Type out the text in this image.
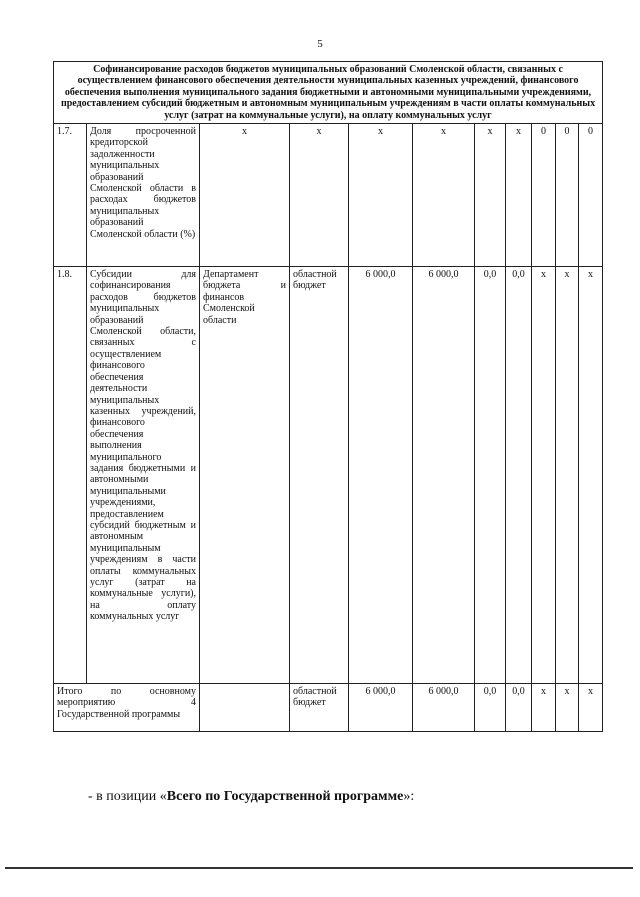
5
Софинансирование расходов бюджетов муниципальных образований Смоленской области, связанных с осуществлением финансового обеспечения деятельности муниципальных казенных учреждений, финансового обеспечения выполнения муниципального задания бюджетными и автономными муниципальными учреждениями, предоставлением субсидий бюджетным и автономным муниципальным учреждениям в части оплаты коммунальных услуг (затрат на коммунальные услуги), на оплату коммунальных услуг										
1.7.	Доля просроченной кредиторской задолженности муниципальных образований Смоленской области в расходах бюджетов муниципальных образований Смоленской области (%)	х	х	х	х	х	х	0	0	0
1.8.	Субсидии для софинансирования расходов бюджетов муниципальных образований Смоленской области, связанных с осуществлением финансового обеспечения деятельности муниципальных казенных учреждений, финансового обеспечения выполнения муниципального задания бюджетными и автономными муниципальными учреждениями, предоставлением субсидий бюджетным и автономным муниципальным учреждениям в части оплаты коммунальных услуг (затрат на коммунальные услуги), на оплату коммунальных услуг	Департамент бюджета и финансов Смоленской области	областной бюджет	6 000,0	6 000,0	0,0	0,0	х	х	х
Итого по основному мероприятию 4 Государственной программы			областной бюджет	6 000,0	6 000,0	0,0	0,0	х	х	х
- в позиции «Всего по Государственной программе»:
